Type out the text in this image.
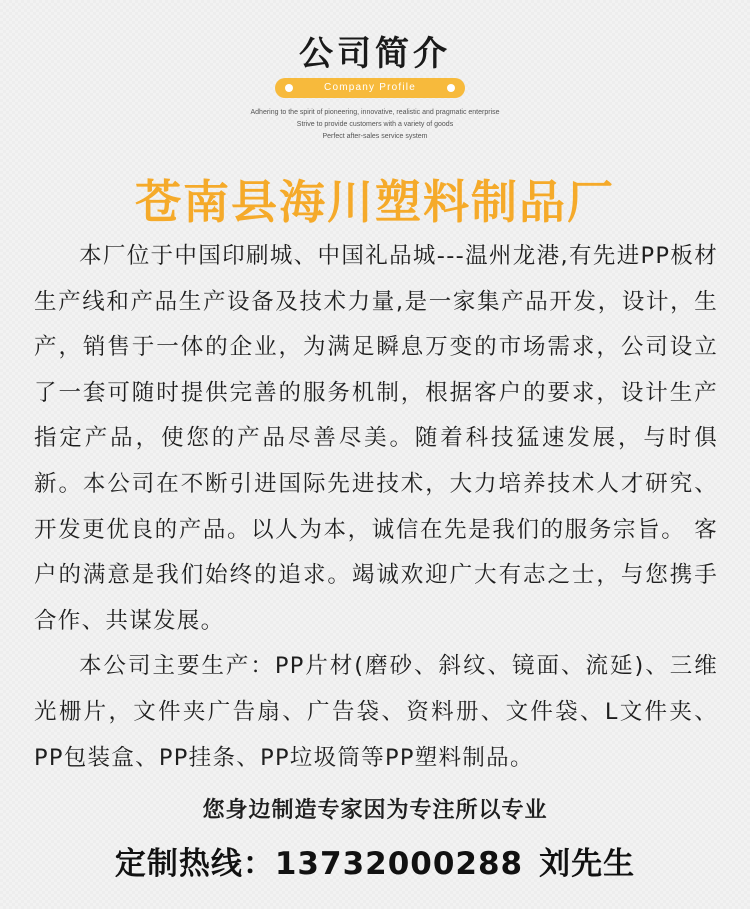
公司简介
Company Profile
Adhering to the spirit of pioneering, innovative, realistic and pragmatic enterprise
Strive to provide customers with a variety of goods
Perfect after-sales service system
苍南县海川塑料制品厂

本厂位于中国印刷城、中国礼品城---温州龙港,有先进PP板材生产线和产品生产设备及技术力量,是一家集产品开发，设计，生产，销售于一体的企业，为满足瞬息万变的市场需求，公司设立了一套可随时提供完善的服务机制，根据客户的要求，设计生产指定产品，使您的产品尽善尽美。随着科技猛速发展，与时俱新。本公司在不断引进国际先进技术，大力培养技术人才研究、开发更优良的产品。以人为本，诚信在先是我们的服务宗旨。 客户的满意是我们始终的追求。竭诚欢迎广大有志之士，与您携手合作、共谋发展。

本公司主要生产：PP片材(磨砂、斜纹、镜面、流延)、三维光栅片，文件夹广告扇、广告袋、资料册、文件袋、L文件夹、PP包装盒、PP挂条、PP垃圾筒等PP塑料制品。

您身边制造专家因为专注所以专业
定制热线：13732000288 刘先生
